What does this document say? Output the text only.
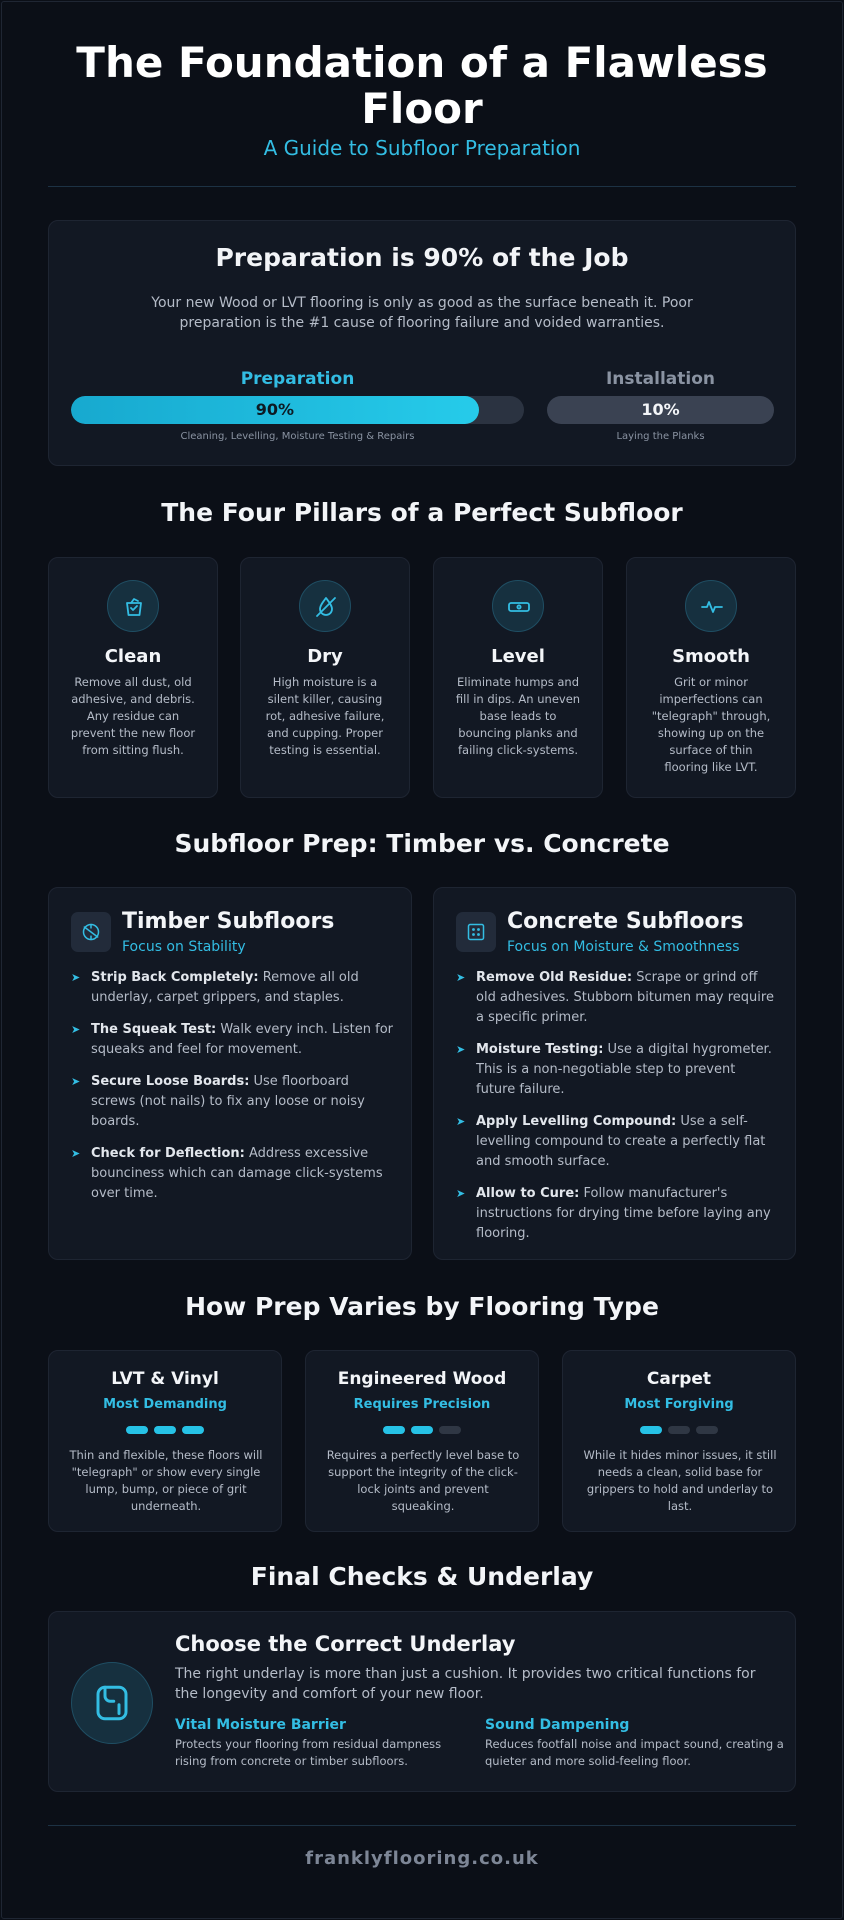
The Foundation of a Flawless Floor
A Guide to Subfloor Preparation
Preparation is 90% of the Job
Your new Wood or LVT flooring is only as good as the surface beneath it. Poor preparation is the #1 cause of flooring failure and voided warranties.
Preparation
90%
Cleaning, Levelling, Moisture Testing & Repairs
Installation
10%
Laying the Planks
The Four Pillars of a Perfect Subfloor
Clean
Remove all dust, old adhesive, and debris. Any residue can prevent the new floor from sitting flush.
Dry
High moisture is a silent killer, causing rot, adhesive failure, and cupping. Proper testing is essential.
Level
Eliminate humps and fill in dips. An uneven base leads to bouncing planks and failing click-systems.
Smooth
Grit or minor imperfections can "telegraph" through, showing up on the surface of thin flooring like LVT.
Subfloor Prep: Timber vs. Concrete
Timber Subfloors
Focus on Stability
➤ Strip Back Completely: Remove all old underlay, carpet grippers, and staples.
➤ The Squeak Test: Walk every inch. Listen for squeaks and feel for movement.
➤ Secure Loose Boards: Use floorboard screws (not nails) to fix any loose or noisy boards.
➤ Check for Deflection: Address excessive bounciness which can damage click-systems over time.
Concrete Subfloors
Focus on Moisture & Smoothness
➤ Remove Old Residue: Scrape or grind off old adhesives. Stubborn bitumen may require a specific primer.
➤ Moisture Testing: Use a digital hygrometer. This is a non-negotiable step to prevent future failure.
➤ Apply Levelling Compound: Use a self-levelling compound to create a perfectly flat and smooth surface.
➤ Allow to Cure: Follow manufacturer's instructions for drying time before laying any flooring.
How Prep Varies by Flooring Type
LVT & Vinyl
Most Demanding
Thin and flexible, these floors will "telegraph" or show every single lump, bump, or piece of grit underneath.
Engineered Wood
Requires Precision
Requires a perfectly level base to support the integrity of the click-lock joints and prevent squeaking.
Carpet
Most Forgiving
While it hides minor issues, it still needs a clean, solid base for grippers to hold and underlay to last.
Final Checks & Underlay
Choose the Correct Underlay
The right underlay is more than just a cushion. It provides two critical functions for the longevity and comfort of your new floor.
Vital Moisture Barrier
Protects your flooring from residual dampness rising from concrete or timber subfloors.
Sound Dampening
Reduces footfall noise and impact sound, creating a quieter and more solid-feeling floor.
franklyflooring.co.uk
